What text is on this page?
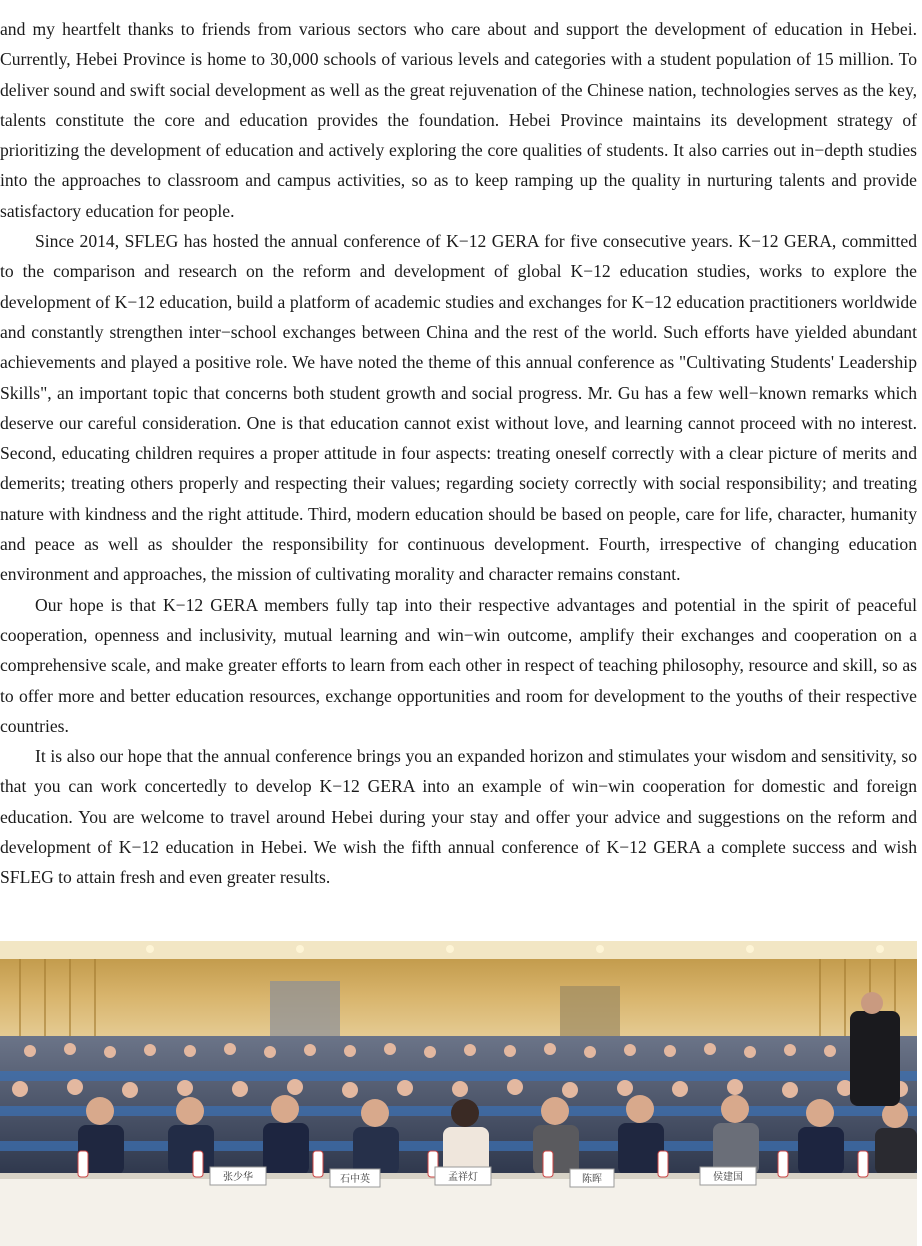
and my heartfelt thanks to friends from various sectors who care about and support the development of education in Hebei. Currently, Hebei Province is home to 30,000 schools of various levels and categories with a student population of 15 million. To deliver sound and swift social development as well as the great rejuvenation of the Chinese nation, technologies serves as the key, talents constitute the core and education provides the foundation. Hebei Province maintains its development strategy of prioritizing the development of education and actively exploring the core qualities of students. It also carries out in−depth studies into the approaches to classroom and campus activities, so as to keep ramping up the quality in nurturing talents and provide satisfactory education for people.

Since 2014, SFLEG has hosted the annual conference of K−12 GERA for five consecutive years. K−12 GERA, committed to the comparison and research on the reform and development of global K−12 education studies, works to explore the development of K−12 education, build a platform of academic studies and exchanges for K−12 education practitioners worldwide and constantly strengthen inter−school exchanges between China and the rest of the world. Such efforts have yielded abundant achievements and played a positive role. We have noted the theme of this annual conference as "Cultivating Students' Leadership Skills", an important topic that concerns both student growth and social progress. Mr. Gu has a few well−known remarks which deserve our careful consideration. One is that education cannot exist without love, and learning cannot proceed with no interest. Second, educating children requires a proper attitude in four aspects: treating oneself correctly with a clear picture of merits and demerits; treating others properly and respecting their values; regarding society correctly with social responsibility; and treating nature with kindness and the right attitude. Third, modern education should be based on people, care for life, character, humanity and peace as well as shoulder the responsibility for continuous development. Fourth, irrespective of changing education environment and approaches, the mission of cultivating morality and character remains constant.

Our hope is that K−12 GERA members fully tap into their respective advantages and potential in the spirit of peaceful cooperation, openness and inclusivity, mutual learning and win−win outcome, amplify their exchanges and cooperation on a comprehensive scale, and make greater efforts to learn from each other in respect of teaching philosophy, resource and skill, so as to offer more and better education resources, exchange opportunities and room for development to the youths of their respective countries.

It is also our hope that the annual conference brings you an expanded horizon and stimulates your wisdom and sensitivity, so that you can work concertedly to develop K−12 GERA into an example of win−win cooperation for domestic and foreign education. You are welcome to travel around Hebei during your stay and offer your advice and suggestions on the reform and development of K−12 education in Hebei. We wish the fifth annual conference of K−12 GERA a complete success and wish SFLEG to attain fresh and even greater results.

张少华	石中英	孟祥灯	陈晖	侯建国
